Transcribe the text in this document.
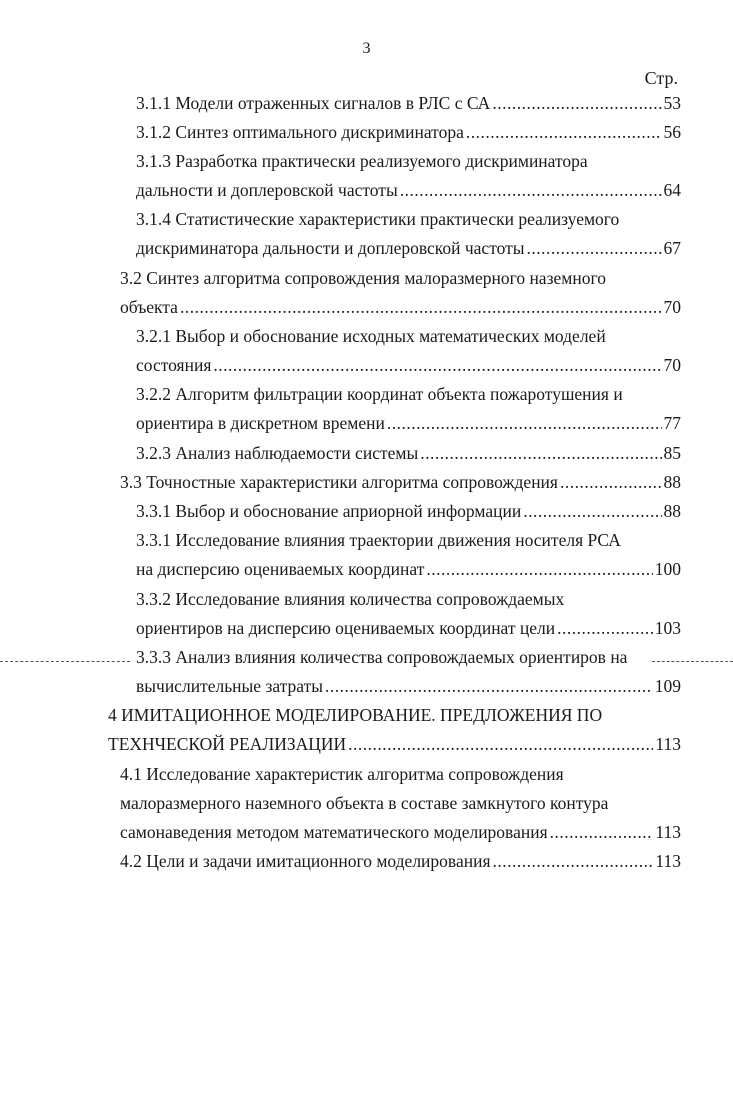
3
Стр.
3.1.1 Модели отраженных сигналов в РЛС с СА .....	53
3.1.2 Синтез оптимального дискриминатора .....	56
3.1.3 Разработка практически реализуемого дискриминатора
дальности и доплеровской частоты .....	64
3.1.4 Статистические характеристики практически реализуемого
дискриминатора дальности и доплеровской частоты .....	67
3.2 Синтез алгоритма сопровождения малоразмерного наземного
объекта .....	70
3.2.1 Выбор и обоснование исходных математических моделей
состояния .....	70
3.2.2 Алгоритм фильтрации координат объекта пожаротушения и
ориентира в дискретном времени .....	77
3.2.3 Анализ наблюдаемости системы .....	85
3.3 Точностные характеристики алгоритма сопровождения .....	88
3.3.1 Выбор и обоснование априорной информации .....	88
3.3.1 Исследование влияния траектории движения носителя РСА
на дисперсию оцениваемых координат .....	100
3.3.2 Исследование влияния количества сопровождаемых
ориентиров на дисперсию оцениваемых координат цели .....	103
3.3.3 Анализ влияния количества сопровождаемых ориентиров на
вычислительные затраты .....	109
4 ИМИТАЦИОННОЕ МОДЕЛИРОВАНИЕ. ПРЕДЛОЖЕНИЯ ПО
ТЕХНЧЕСКОЙ РЕАЛИЗАЦИИ .....	113
4.1 Исследование характеристик алгоритма сопровождения
малоразмерного наземного объекта в составе замкнутого контура
самонаведения методом математического моделирования .....	113
4.2 Цели и задачи имитационного моделирования .....	113
